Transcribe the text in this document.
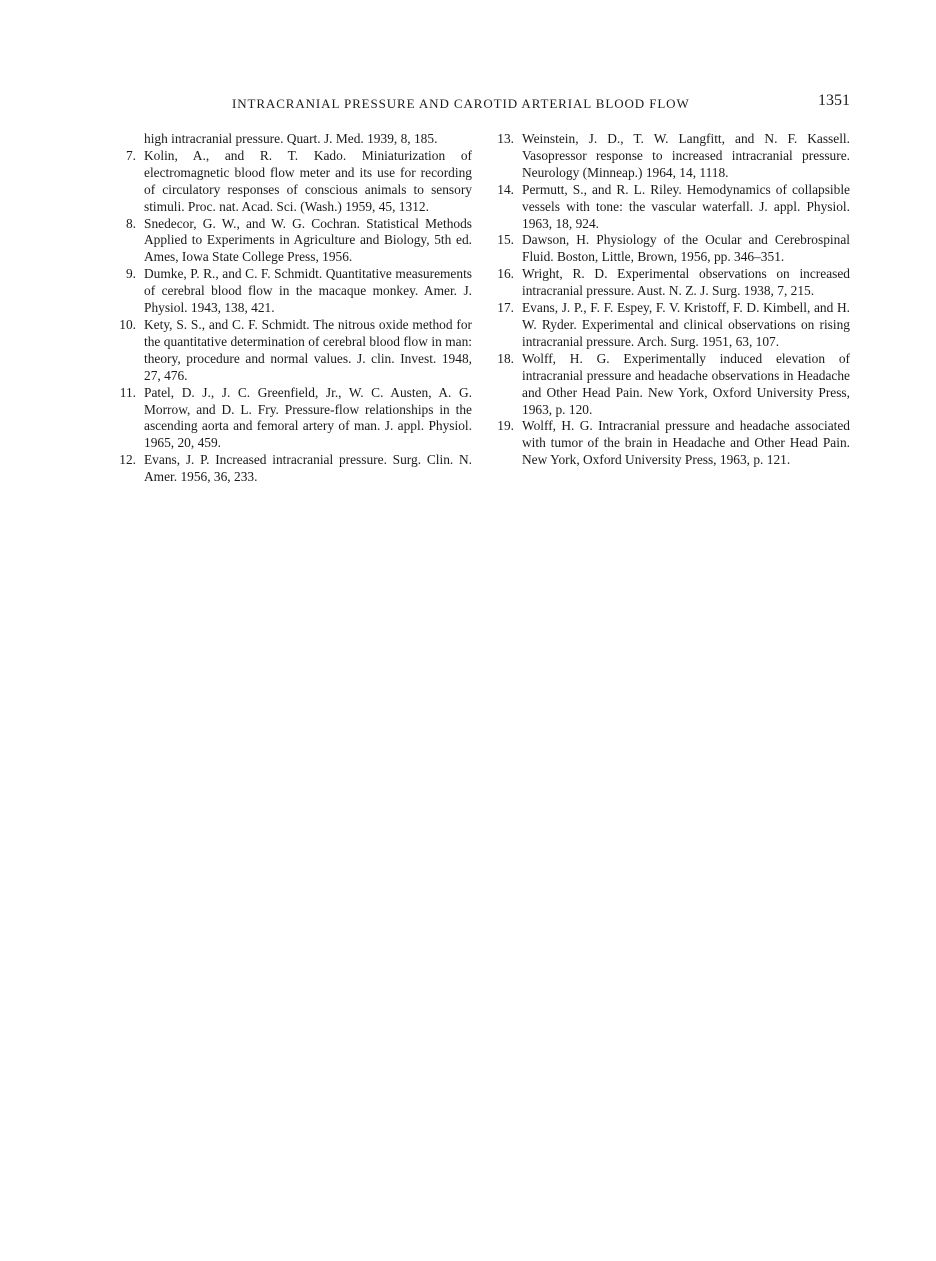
INTRACRANIAL PRESSURE AND CAROTID ARTERIAL BLOOD FLOW	1351
high intracranial pressure. Quart. J. Med. 1939, 8, 185.
7. Kolin, A., and R. T. Kado. Miniaturization of electromagnetic blood flow meter and its use for recording of circulatory responses of conscious animals to sensory stimuli. Proc. nat. Acad. Sci. (Wash.) 1959, 45, 1312.
8. Snedecor, G. W., and W. G. Cochran. Statistical Methods Applied to Experiments in Agriculture and Biology, 5th ed. Ames, Iowa State College Press, 1956.
9. Dumke, P. R., and C. F. Schmidt. Quantitative measurements of cerebral blood flow in the macaque monkey. Amer. J. Physiol. 1943, 138, 421.
10. Kety, S. S., and C. F. Schmidt. The nitrous oxide method for the quantitative determination of cerebral blood flow in man: theory, procedure and normal values. J. clin. Invest. 1948, 27, 476.
11. Patel, D. J., J. C. Greenfield, Jr., W. C. Austen, A. G. Morrow, and D. L. Fry. Pressure-flow relationships in the ascending aorta and femoral artery of man. J. appl. Physiol. 1965, 20, 459.
12. Evans, J. P. Increased intracranial pressure. Surg. Clin. N. Amer. 1956, 36, 233.
13. Weinstein, J. D., T. W. Langfitt, and N. F. Kassell. Vasopressor response to increased intracranial pressure. Neurology (Minneap.) 1964, 14, 1118.
14. Permutt, S., and R. L. Riley. Hemodynamics of collapsible vessels with tone: the vascular waterfall. J. appl. Physiol. 1963, 18, 924.
15. Dawson, H. Physiology of the Ocular and Cerebrospinal Fluid. Boston, Little, Brown, 1956, pp. 346–351.
16. Wright, R. D. Experimental observations on increased intracranial pressure. Aust. N. Z. J. Surg. 1938, 7, 215.
17. Evans, J. P., F. F. Espey, F. V. Kristoff, F. D. Kimbell, and H. W. Ryder. Experimental and clinical observations on rising intracranial pressure. Arch. Surg. 1951, 63, 107.
18. Wolff, H. G. Experimentally induced elevation of intracranial pressure and headache observations in Headache and Other Head Pain. New York, Oxford University Press, 1963, p. 120.
19. Wolff, H. G. Intracranial pressure and headache associated with tumor of the brain in Headache and Other Head Pain. New York, Oxford University Press, 1963, p. 121.
